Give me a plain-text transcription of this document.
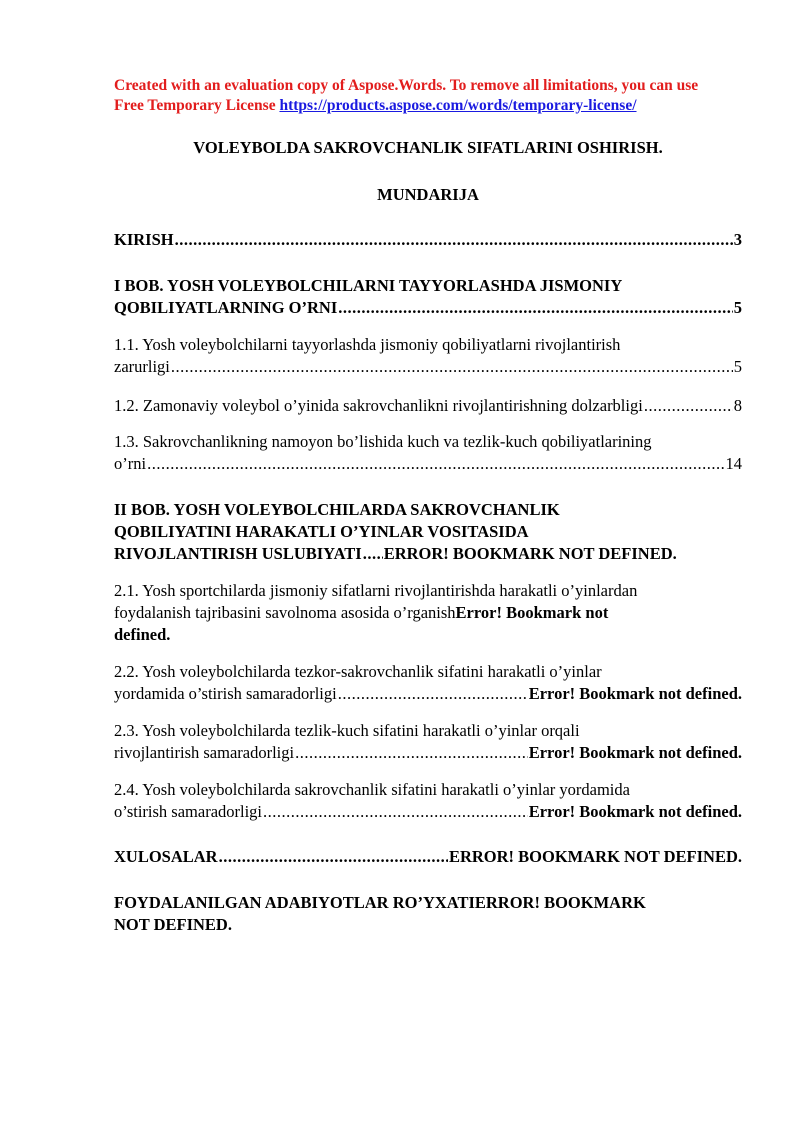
Created with an evaluation copy of Aspose.Words. To remove all limitations, you can use
Free Temporary License https://products.aspose.com/words/temporary-license/
VOLEYBOLDA SAKROVCHANLIK SIFATLARINI OSHIRISH.
MUNDARIJA
KIRISH .....	3
I BOB. YOSH VOLEYBOLCHILARNI TAYYORLASHDA JISMONIY
QOBILIYATLARNING O’RNI .....	5
1.1. Yosh voleybolchilarni tayyorlashda jismoniy qobiliyatlarni rivojlantirish
zarurligi .....	5
1.2. Zamonaviy voleybol o’yinida sakrovchanlikni rivojlantirishning dolzarbligi .....	8
1.3. Sakrovchanlikning namoyon bo’lishida kuch va tezlik-kuch qobiliyatlarining
o’rni .....	14
II BOB. YOSH VOLEYBOLCHILARDA SAKROVCHANLIK
QOBILIYATINI HARAKATLI O’YINLAR VOSITASIDA
RIVOJLANTIRISH USLUBIYATI ..... ERROR! BOOKMARK NOT DEFINED.
2.1. Yosh sportchilarda jismoniy sifatlarni rivojlantirishda harakatli o’yinlardan
foydalanish tajribasini savolnoma asosida o’rganishError! Bookmark not
defined.
2.2. Yosh voleybolchilarda tezkor-sakrovchanlik sifatini harakatli o’yinlar
yordamida o’stirish samaradorligi .....	Error! Bookmark not defined.
2.3. Yosh voleybolchilarda tezlik-kuch sifatini harakatli o’yinlar orqali
rivojlantirish samaradorligi .....	Error! Bookmark not defined.
2.4. Yosh voleybolchilarda sakrovchanlik sifatini harakatli o’yinlar yordamida
o’stirish samaradorligi .....	Error! Bookmark not defined.
XULOSALAR .....	ERROR! BOOKMARK NOT DEFINED.
FOYDALANILGAN ADABIYOTLAR RO’YXATIERROR! BOOKMARK
NOT DEFINED.
